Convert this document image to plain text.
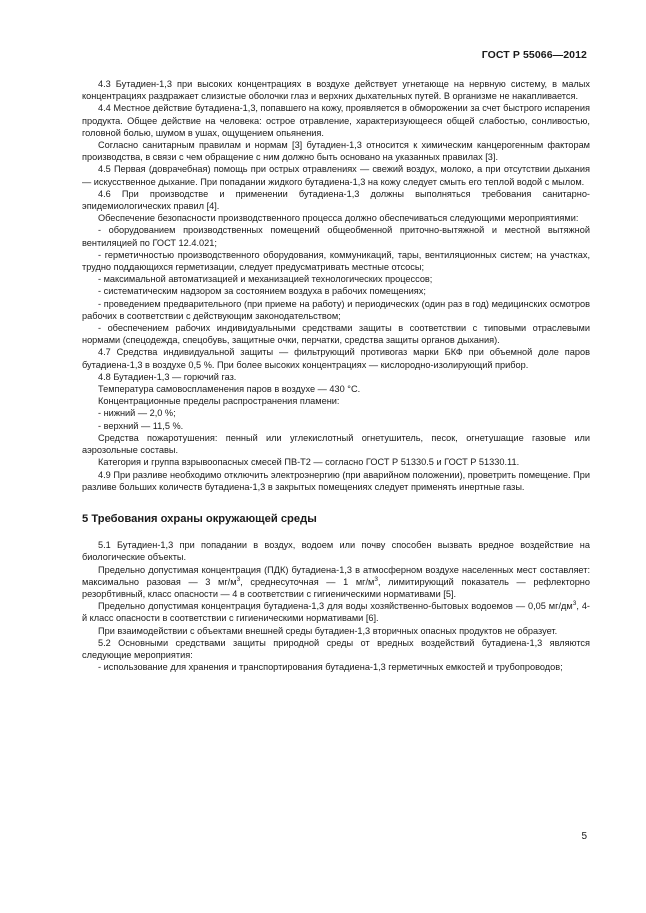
ГОСТ Р 55066—2012

4.3 Бутадиен-1,3 при высоких концентрациях в воздухе действует угнетающе на нервную систему, в малых концентрациях раздражает слизистые оболочки глаз и верхних дыхательных путей. В организме не накапливается.

4.4 Местное действие бутадиена-1,3, попавшего на кожу, проявляется в обморожении за счет быстрого испарения продукта. Общее действие на человека: острое отравление, характеризующееся общей слабостью, сонливостью, головной болью, шумом в ушах, ощущением опьянения.

Согласно санитарным правилам и нормам [3] бутадиен-1,3 относится к химическим канцерогенным факторам производства, в связи с чем обращение с ним должно быть основано на указанных правилах [3].

4.5 Первая (доврачебная) помощь при острых отравлениях — свежий воздух, молоко, а при отсутствии дыхания — искусственное дыхание. При попадании жидкого бутадиена-1,3 на кожу следует смыть его теплой водой с мылом.

4.6 При производстве и применении бутадиена-1,3 должны выполняться требования санитарно-эпидемиологических правил [4].

Обеспечение безопасности производственного процесса должно обеспечиваться следующими мероприятиями:

- оборудованием производственных помещений общеобменной приточно-вытяжной и местной вытяжной вентиляцией по ГОСТ 12.4.021;

- герметичностью производственного оборудования, коммуникаций, тары, вентиляционных систем; на участках, трудно поддающихся герметизации, следует предусматривать местные отсосы;

- максимальной автоматизацией и механизацией технологических процессов;

- систематическим надзором за состоянием воздуха в рабочих помещениях;

- проведением предварительного (при приеме на работу) и периодических (один раз в год) медицинских осмотров рабочих в соответствии с действующим законодательством;

- обеспечением рабочих индивидуальными средствами защиты в соответствии с типовыми отраслевыми нормами (спецодежда, спецобувь, защитные очки, перчатки, средства защиты органов дыхания).

4.7 Средства индивидуальной защиты — фильтрующий противогаз марки БКФ при объемной доле паров бутадиена-1,3 в воздухе 0,5 %. При более высоких концентрациях — кислородно-изолирующий прибор.

4.8 Бутадиен-1,3 — горючий газ.

Температура самовоспламенения паров в воздухе — 430 °С.

Концентрационные пределы распространения пламени:

- нижний — 2,0 %;

- верхний — 11,5 %.

Средства пожаротушения: пенный или углекислотный огнетушитель, песок, огнетушащие газовые или аэрозольные составы.

Категория и группа взрывоопасных смесей ПВ-Т2 — согласно ГОСТ Р 51330.5 и ГОСТ Р 51330.11.

4.9 При разливе необходимо отключить электроэнергию (при аварийном положении), проветрить помещение. При разливе больших количеств бутадиена-1,3 в закрытых помещениях следует применять инертные газы.

5 Требования охраны окружающей среды

5.1 Бутадиен-1,3 при попадании в воздух, водоем или почву способен вызвать вредное воздействие на биологические объекты.

Предельно допустимая концентрация (ПДК) бутадиена-1,3 в атмосферном воздухе населенных мест составляет: максимально разовая — 3 $мг/м^3$, среднесуточная — 1 $мг/м^3$, лимитирующий показатель — рефлекторно резорбтивный, класс опасности — 4 в соответствии с гигиеническими нормативами [5].

Предельно допустимая концентрация бутадиена-1,3 для воды хозяйственно-бытовых водоемов — 0,05 $мг/дм^3$, 4-й класс опасности в соответствии с гигиеническими нормативами [6].

При взаимодействии с объектами внешней среды бутадиен-1,3 вторичных опасных продуктов не образует.

5.2 Основными средствами защиты природной среды от вредных воздействий бутадиена-1,3 являются следующие мероприятия:

- использование для хранения и транспортирования бутадиена-1,3 герметичных емкостей и трубопроводов;

5
